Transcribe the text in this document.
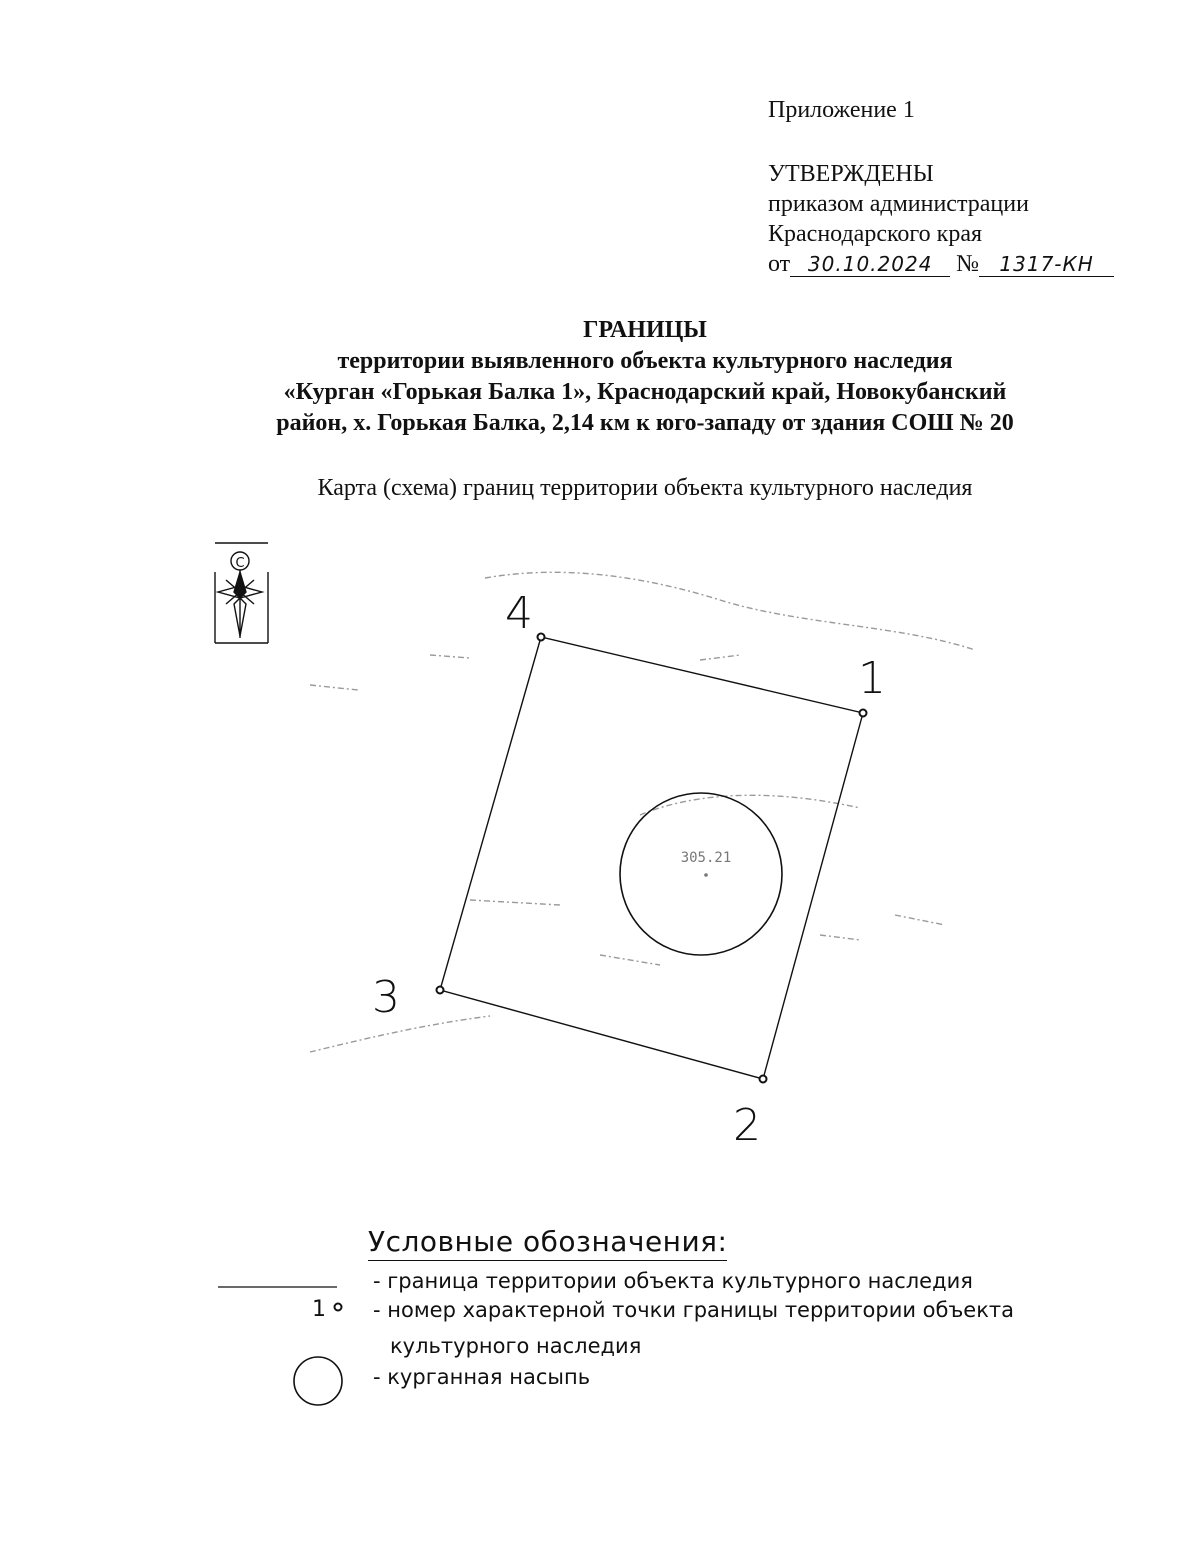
Приложение 1
УТВЕРЖДЕНЫ
приказом администрации
Краснодарского края
от 30.10.2024 № 1317-КН
ГРАНИЦЫ
территории выявленного объекта культурного наследия
«Курган «Горькая Балка 1», Краснодарский край, Новокубанский
район, х. Горькая Балка, 2,14 км к юго-западу от здания СОШ № 20
Карта (схема) границ территории объекта культурного наследия
С
305.21
1
2
3
4
Условные обозначения:
- граница территории объекта культурного наследия
1 - номер характерной точки границы территории объекта
культурного наследия
- курганная насыпь
